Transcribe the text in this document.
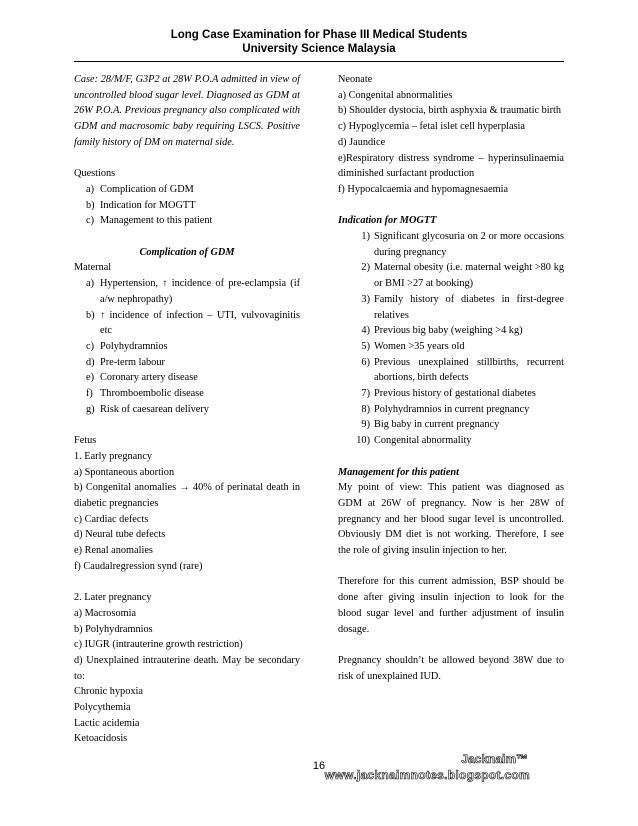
Long Case Examination for Phase III Medical Students
University Science Malaysia

Case: 28/M/F, G3P2 at 28W P.O.A admitted in view of uncontrolled blood sugar level. Diagnosed as GDM at 26W P.O.A. Previous pregnancy also complicated with GDM and macrosomic baby requiring LSCS. Positive family history of DM on maternal side.

Questions

a) Complication of GDM
b) Indication for MOGTT
c) Management to this patient

Complication of GDM

Maternal

a) Hypertension, ↑ incidence of pre-eclampsia (if a/w nephropathy)
b) ↑ incidence of infection – UTI, vulvovaginitis etc
c) Polyhydramnios
d) Pre-term labour
e) Coronary artery disease
f) Thromboembolic disease
g) Risk of caesarean delivery

Fetus

1. Early pregnancy

a) Spontaneous abortion

b) Congenital anomalies → 40% of perinatal death in diabetic pregnancies

c) Cardiac defects

d) Neural tube defects

e) Renal anomalies

f) Caudalregression synd (rare)

2. Later pregnancy

a) Macrosomia

b) Polyhydramnios

c) IUGR (intrauterine growth restriction)

d) Unexplained intrauterine death. May be secondary to:

Chronic hypoxia

Polycythemia

Lactic acidemia

Ketoacidosis

Neonate

a) Congenital abnormalities

b) Shoulder dystocia, birth asphyxia & traumatic birth

c) Hypoglycemia – fetal islet cell hyperplasia

d) Jaundice

e)Respiratory distress syndrome – hyperinsulinaemia diminished surfactant production

f) Hypocalcaemia and hypomagnesaemia

Indication for MOGTT

1) Significant glycosuria on 2 or more occasions during pregnancy
2) Maternal obesity (i.e. maternal weight >80 kg or BMI >27 at booking)
3) Family history of diabetes in first-degree relatives
4) Previous big baby (weighing >4 kg)
5) Women >35 years old
6) Previous unexplained stillbirths, recurrent abortions, birth defects
7) Previous history of gestational diabetes
8) Polyhydramnios in current pregnancy
9) Big baby in current pregnancy
10) Congenital abnormality

Management for this patient

My point of view: This patient was diagnosed as GDM at 26W of pregnancy. Now is her 28W of pregnancy and her blood sugar level is uncontrolled. Obviously DM diet is not working. Therefore, I see the role of giving insulin injection to her.

Therefore for this current admission, BSP should be done after giving insulin injection to look for the blood sugar level and further adjustment of insulin dosage.

Pregnancy shouldn’t be allowed beyond 38W due to risk of unexplained IUD.

16	Jacknaim™
www.jacknaimnotes.blogspot.com
